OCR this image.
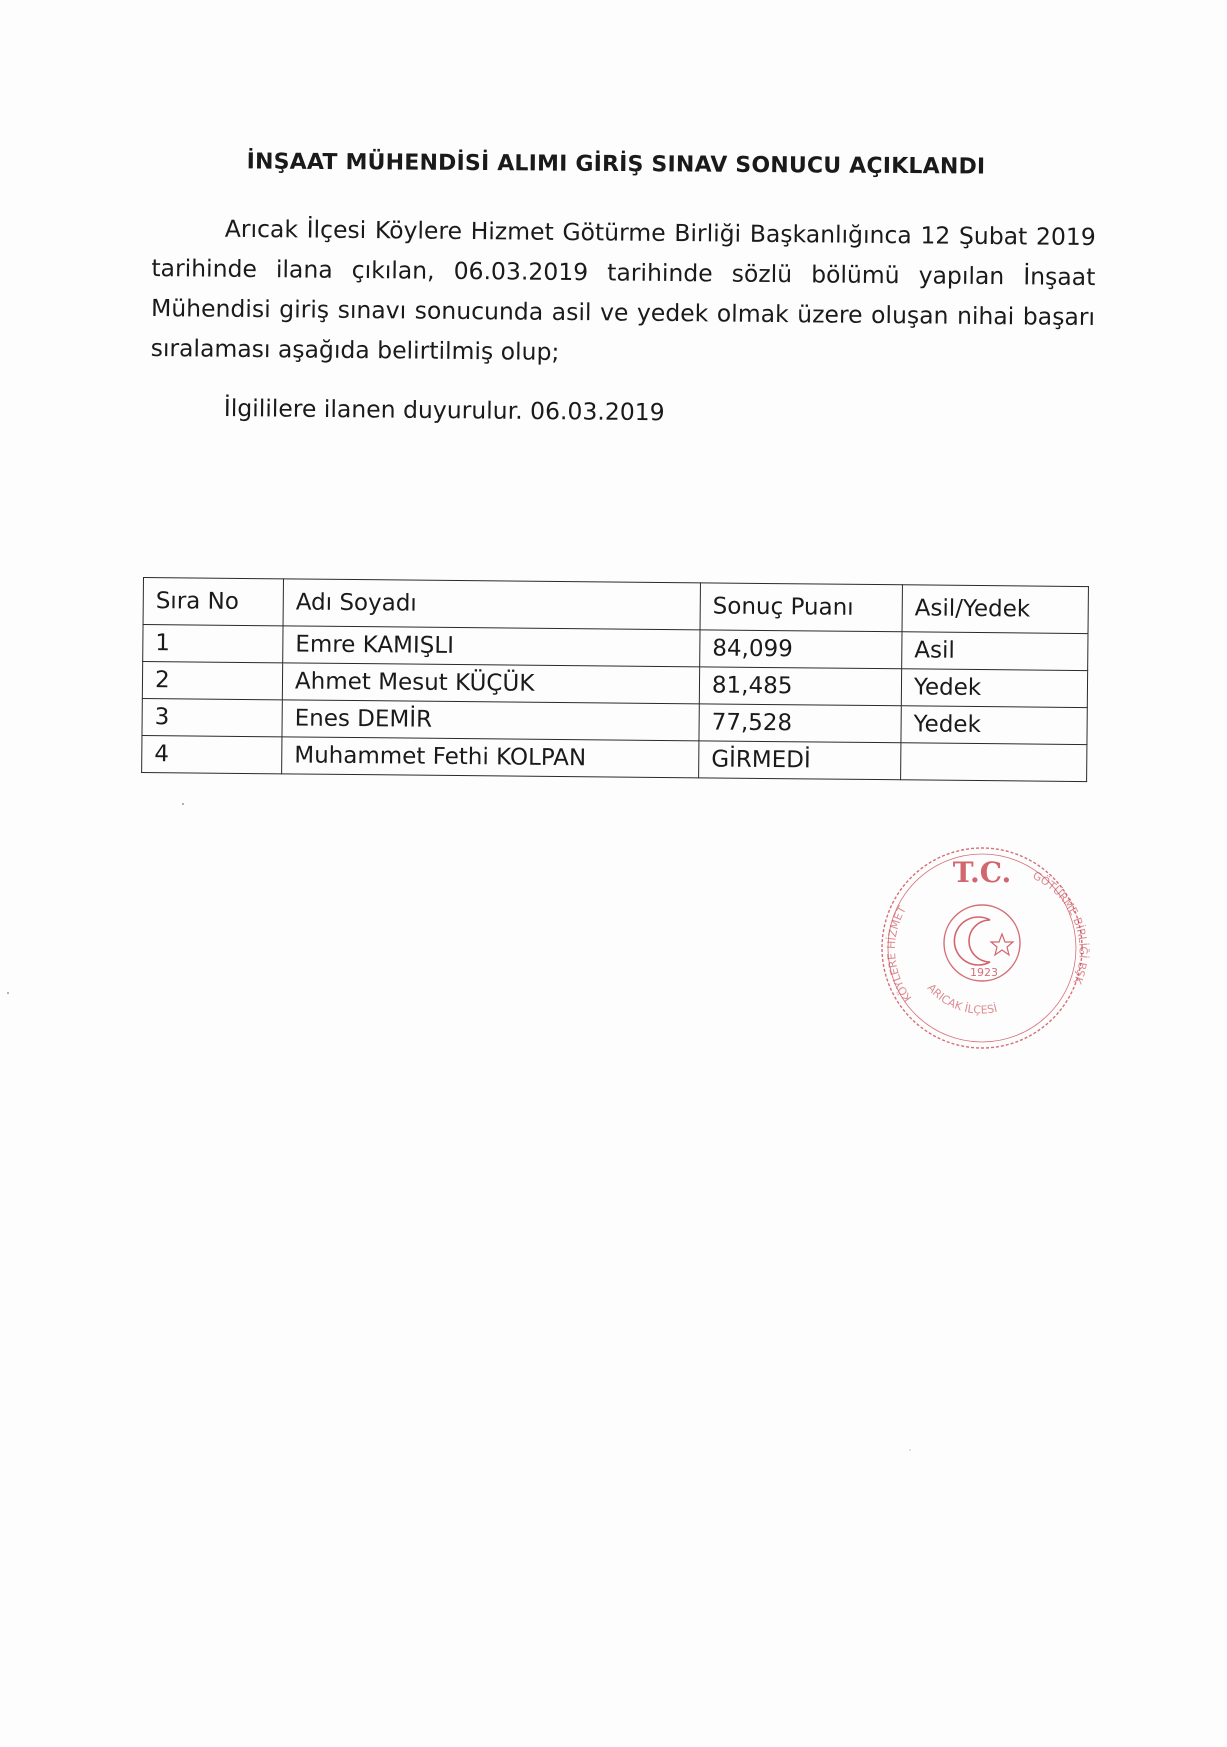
İNŞAAT MÜHENDİSİ ALIMI GİRİŞ SINAV SONUCU AÇIKLANDI
Arıcak İlçesi Köylere Hizmet Götürme Birliği Başkanlığınca 12 Şubat 2019 tarihinde ilana çıkılan, 06.03.2019 tarihinde sözlü bölümü yapılan İnşaat Mühendisi giriş sınavı sonucunda asil ve yedek olmak üzere oluşan nihai başarı sıralaması aşağıda belirtilmiş olup;
İlgililere ilanen duyurulur. 06.03.2019
Sıra No	Adı Soyadı	Sonuç Puanı	Asil/Yedek
1	Emre KAMIŞLI	84,099	Asil
2	Ahmet Mesut KÜÇÜK	81,485	Yedek
3	Enes DEMİR	77,528	Yedek
4	Muhammet Fethi KOLPAN	GİRMEDİ	
T.C.
KÖYLERE HİZMET
ARICAK İLÇESİ
GÖTÜRME BİRLİĞİ BŞK
1923
